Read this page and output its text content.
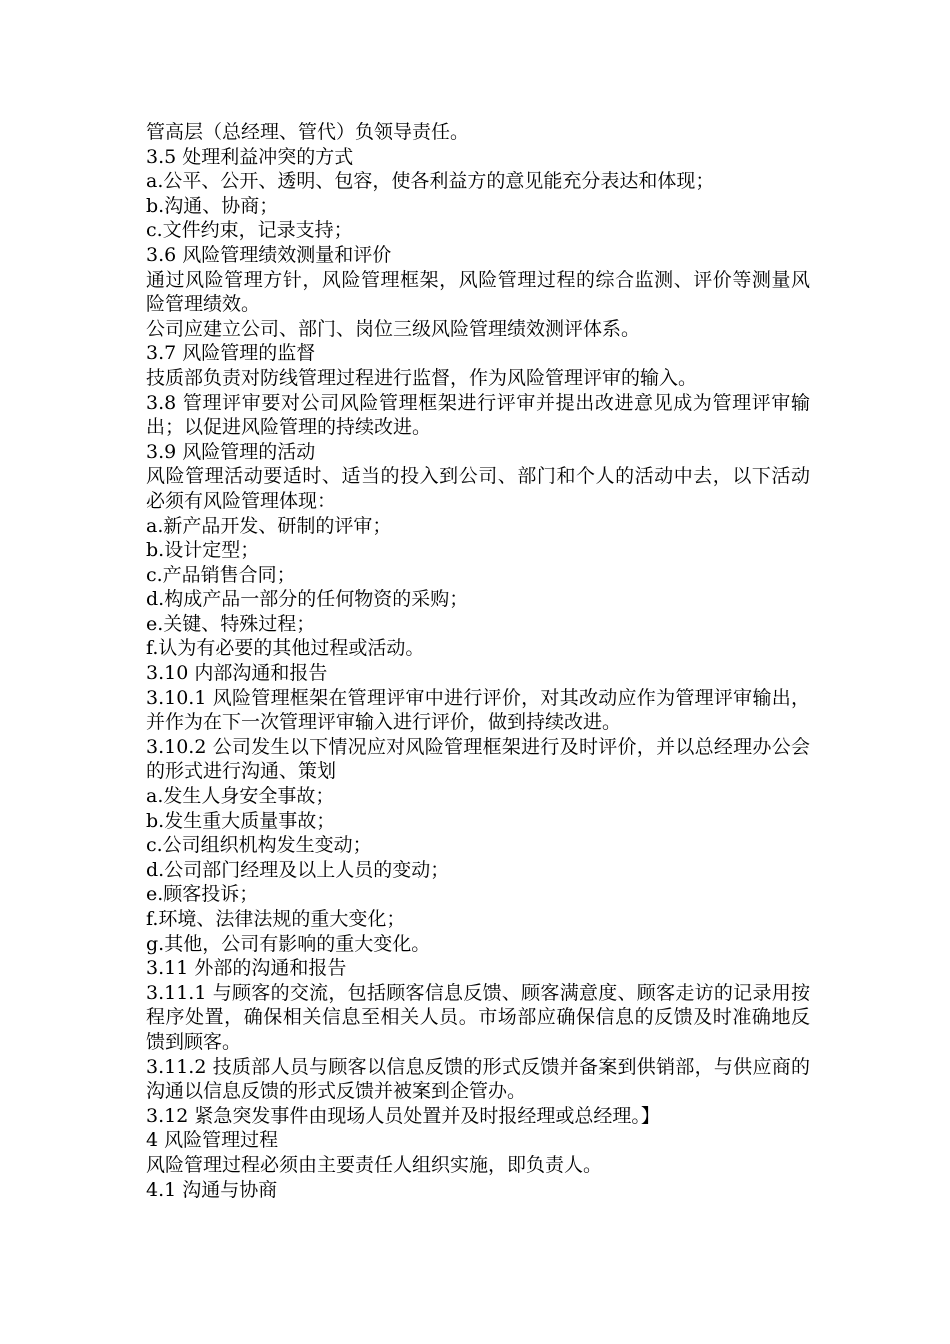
管高层（总经理、管代）负领导责任。

3.5 处理利益冲突的方式

a.公平、公开、透明、包容，使各利益方的意见能充分表达和体现；

b.沟通、协商；

c.文件约束，记录支持；

3.6 风险管理绩效测量和评价

通过风险管理方针，风险管理框架，风险管理过程的综合监测、评价等测量风险管理绩效。

公司应建立公司、部门、岗位三级风险管理绩效测评体系。

3.7 风险管理的监督

技质部负责对防线管理过程进行监督，作为风险管理评审的输入。

3.8 管理评审要对公司风险管理框架进行评审并提出改进意见成为管理评审输出；以促进风险管理的持续改进。

3.9 风险管理的活动

风险管理活动要适时、适当的投入到公司、部门和个人的活动中去，以下活动必须有风险管理体现：

a.新产品开发、研制的评审；

b.设计定型；

c.产品销售合同；

d.构成产品一部分的任何物资的采购；

e.关键、特殊过程；

f.认为有必要的其他过程或活动。

3.10 内部沟通和报告

3.10.1 风险管理框架在管理评审中进行评价，对其改动应作为管理评审输出，并作为在下一次管理评审输入进行评价，做到持续改进。

3.10.2 公司发生以下情况应对风险管理框架进行及时评价，并以总经理办公会的形式进行沟通、策划

a.发生人身安全事故；

b.发生重大质量事故；

c.公司组织机构发生变动；

d.公司部门经理及以上人员的变动；

e.顾客投诉；

f.环境、法律法规的重大变化；

g.其他，公司有影响的重大变化。

3.11 外部的沟通和报告

3.11.1 与顾客的交流，包括顾客信息反馈、顾客满意度、顾客走访的记录用按程序处置，确保相关信息至相关人员。市场部应确保信息的反馈及时准确地反馈到顾客。

3.11.2 技质部人员与顾客以信息反馈的形式反馈并备案到供销部，与供应商的沟通以信息反馈的形式反馈并被案到企管办。

3.12 紧急突发事件由现场人员处置并及时报经理或总经理。】

4 风险管理过程

风险管理过程必须由主要责任人组织实施，即负责人。

4.1 沟通与协商
